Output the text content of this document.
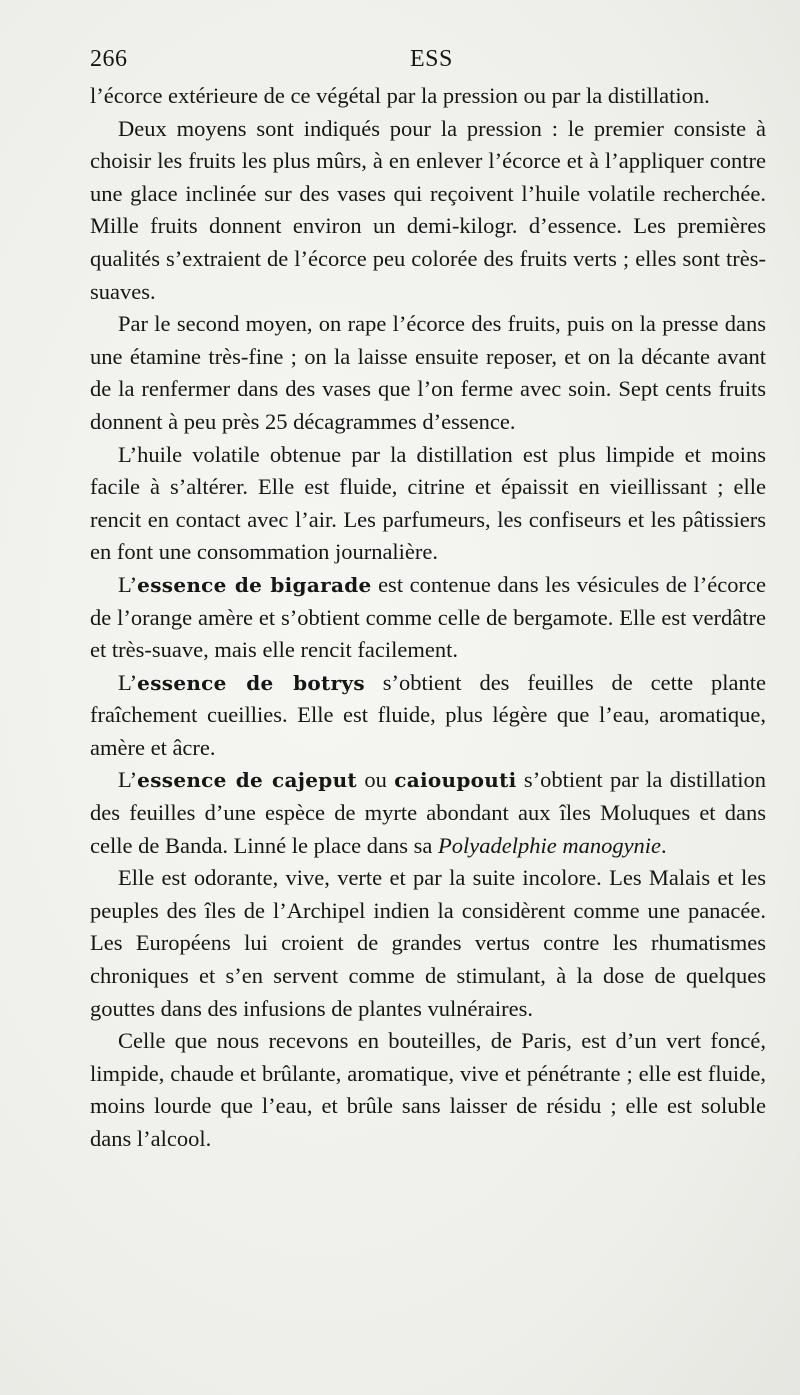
266	ESS

l’écorce extérieure de ce végétal par la pression ou par la distillation.

Deux moyens sont indiqués pour la pression : le premier consiste à choisir les fruits les plus mûrs, à en enlever l’écorce et à l’appliquer contre une glace inclinée sur des vases qui reçoivent l’huile volatile recherchée. Mille fruits donnent environ un demi-kilogr. d’essence. Les premières qualités s’extraient de l’écorce peu colorée des fruits verts ; elles sont très-suaves.

Par le second moyen, on rape l’écorce des fruits, puis on la presse dans une étamine très-fine ; on la laisse ensuite reposer, et on la décante avant de la renfermer dans des vases que l’on ferme avec soin. Sept cents fruits donnent à peu près 25 décagrammes d’essence.

L’huile volatile obtenue par la distillation est plus limpide et moins facile à s’altérer. Elle est fluide, citrine et épaissit en vieillissant ; elle rencit en contact avec l’air. Les parfumeurs, les confiseurs et les pâtissiers en font une consommation journalière.

L’essence de bigarade est contenue dans les vésicules de l’écorce de l’orange amère et s’obtient comme celle de bergamote. Elle est verdâtre et très-suave, mais elle rencit facilement.

L’essence de botrys s’obtient des feuilles de cette plante fraîchement cueillies. Elle est fluide, plus légère que l’eau, aromatique, amère et âcre.

L’essence de cajeput ou caioupouti s’obtient par la distillation des feuilles d’une espèce de myrte abondant aux îles Moluques et dans celle de Banda. Linné le place dans sa Polyadelphie manogynie.

Elle est odorante, vive, verte et par la suite incolore. Les Malais et les peuples des îles de l’Archipel indien la considèrent comme une panacée. Les Européens lui croient de grandes vertus contre les rhumatismes chroniques et s’en servent comme de stimulant, à la dose de quelques gouttes dans des infusions de plantes vulnéraires.

Celle que nous recevons en bouteilles, de Paris, est d’un vert foncé, limpide, chaude et brûlante, aromatique, vive et pénétrante ; elle est fluide, moins lourde que l’eau, et brûle sans laisser de résidu ; elle est soluble dans l’alcool.
